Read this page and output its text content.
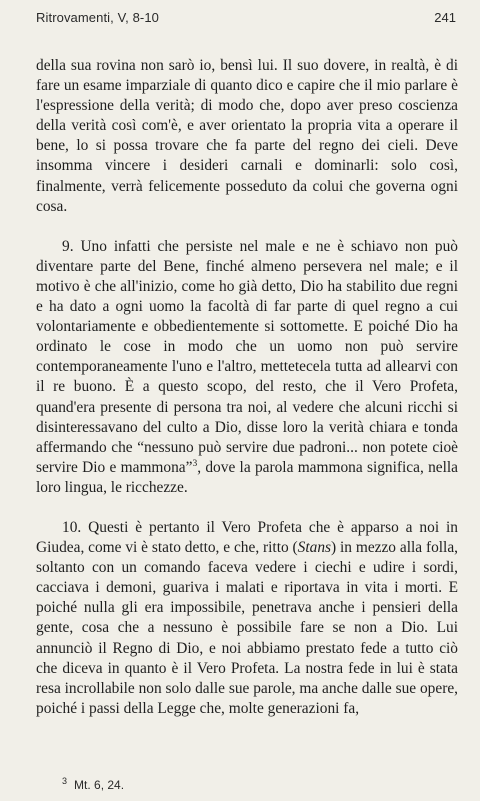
Ritrovamenti, V, 8-10	241

della sua rovina non sarò io, bensì lui. Il suo dovere, in realtà, è di fare un esame imparziale di quanto dico e capire che il mio parlare è l'espressione della verità; di modo che, dopo aver preso coscienza della verità così com'è, e aver orientato la propria vita a operare il bene, lo si possa trovare che fa parte del regno dei cieli. Deve insomma vincere i desideri carnali e dominarli: solo così, finalmente, verrà felicemente posseduto da colui che governa ogni cosa.

9. Uno infatti che persiste nel male e ne è schiavo non può diventare parte del Bene, finché almeno persevera nel male; e il motivo è che all'inizio, come ho già detto, Dio ha stabilito due regni e ha dato a ogni uomo la facoltà di far parte di quel regno a cui volontariamente e obbedientemente si sottomette. E poiché Dio ha ordinato le cose in modo che un uomo non può servire contemporaneamente l'uno e l'altro, mettetecela tutta ad allearvi con il re buono. È a questo scopo, del resto, che il Vero Profeta, quand'era presente di persona tra noi, al vedere che alcuni ricchi si disinteressavano del culto a Dio, disse loro la verità chiara e tonda affermando che “nessuno può servire due padroni... non potete cioè servire Dio e mammona”$^3$, dove la parola mammona significa, nella loro lingua, le ricchezze.

10. Questi è pertanto il Vero Profeta che è apparso a noi in Giudea, come vi è stato detto, e che, ritto (Stans) in mezzo alla folla, soltanto con un comando faceva vedere i ciechi e udire i sordi, cacciava i demoni, guariva i malati e riportava in vita i morti. E poiché nulla gli era impossibile, penetrava anche i pensieri della gente, cosa che a nessuno è possibile fare se non a Dio. Lui annunciò il Regno di Dio, e noi abbiamo prestato fede a tutto ciò che diceva in quanto è il Vero Profeta. La nostra fede in lui è stata resa incrollabile non solo dalle sue parole, ma anche dalle sue opere, poiché i passi della Legge che, molte generazioni fa,

$^3$ Mt. 6, 24.
